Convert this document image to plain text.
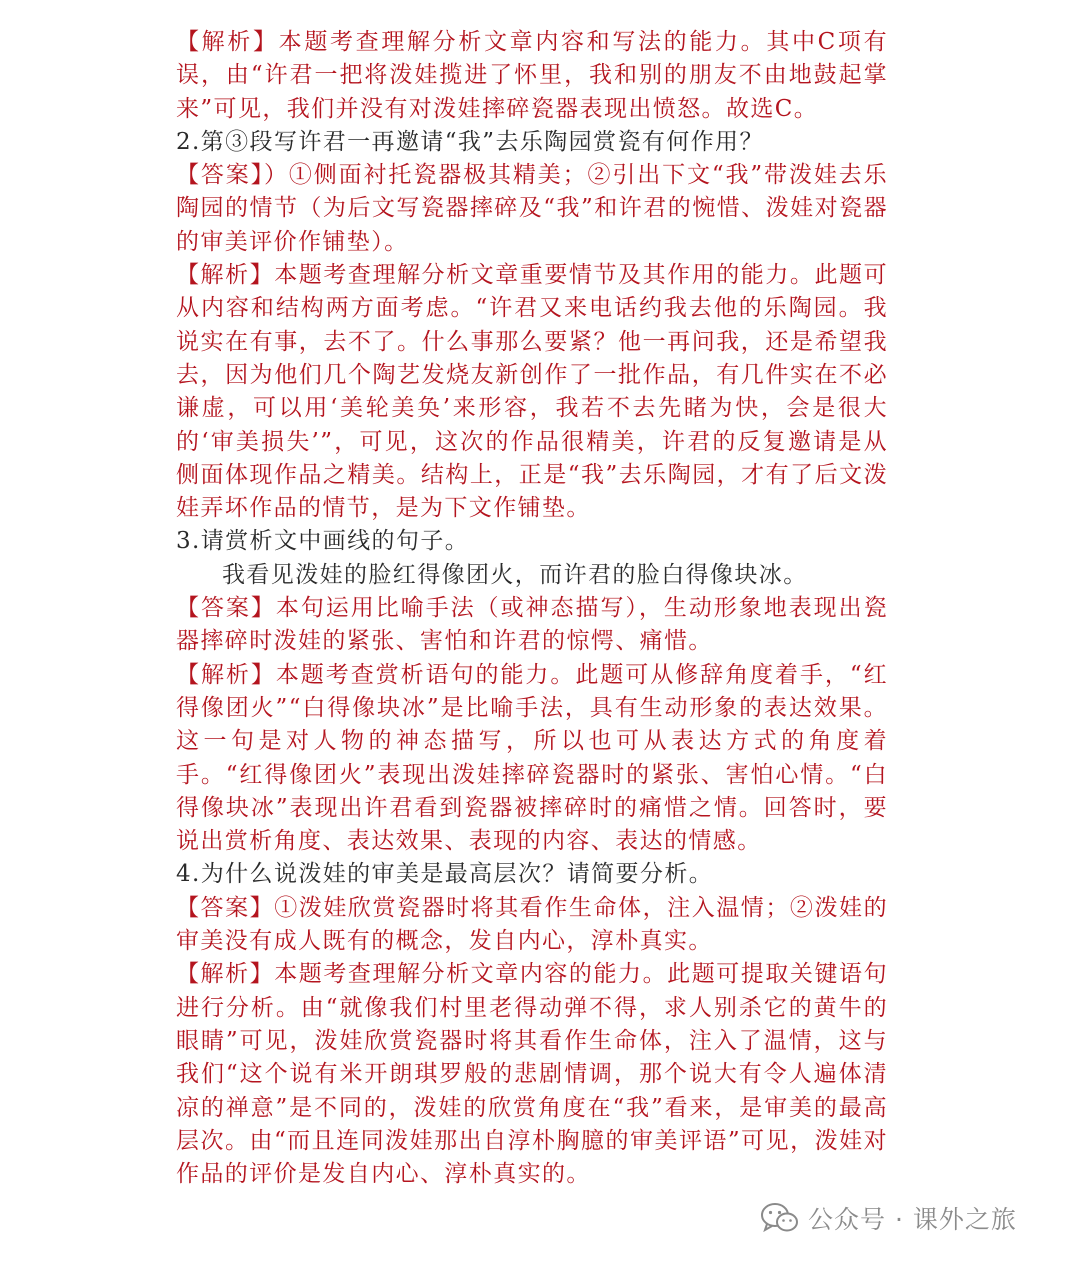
【解析】本题考查理解分析文章内容和写法的能力。其中C项有误，由“许君一把将泼娃揽进了怀里，我和别的朋友不由地鼓起掌来”可见，我们并没有对泼娃摔碎瓷器表现出愤怒。故选C。

2.第③段写许君一再邀请“我”去乐陶园赏瓷有何作用？

【答案】）①侧面衬托瓷器极其精美；②引出下文“我”带泼娃去乐陶园的情节（为后文写瓷器摔碎及“我”和许君的惋惜、泼娃对瓷器的审美评价作铺垫）。

【解析】本题考查理解分析文章重要情节及其作用的能力。此题可从内容和结构两方面考虑。“许君又来电话约我去他的乐陶园。我说实在有事，去不了。什么事那么要紧？他一再问我，还是希望我去，因为他们几个陶艺发烧友新创作了一批作品，有几件实在不必谦虚，可以用‘美轮美奂’来形容，我若不去先睹为快，会是很大的‘审美损失’”，可见，这次的作品很精美，许君的反复邀请是从侧面体现作品之精美。结构上，正是“我”去乐陶园，才有了后文泼娃弄坏作品的情节，是为下文作铺垫。

3.请赏析文中画线的句子。

我看见泼娃的脸红得像团火，而许君的脸白得像块冰。

【答案】本句运用比喻手法（或神态描写），生动形象地表现出瓷器摔碎时泼娃的紧张、害怕和许君的惊愕、痛惜。

【解析】本题考查赏析语句的能力。此题可从修辞角度着手，“红得像团火”“白得像块冰”是比喻手法，具有生动形象的表达效果。这一句是对人物的神态描写，所以也可从表达方式的角度着手。“红得像团火”表现出泼娃摔碎瓷器时的紧张、害怕心情。“白得像块冰”表现出许君看到瓷器被摔碎时的痛惜之情。回答时，要说出赏析角度、表达效果、表现的内容、表达的情感。

4.为什么说泼娃的审美是最高层次？请简要分析。

【答案】①泼娃欣赏瓷器时将其看作生命体，注入温情；②泼娃的审美没有成人既有的概念，发自内心，淳朴真实。

【解析】本题考查理解分析文章内容的能力。此题可提取关键语句进行分析。由“就像我们村里老得动弹不得，求人别杀它的黄牛的眼睛”可见，泼娃欣赏瓷器时将其看作生命体，注入了温情，这与我们“这个说有米开朗琪罗般的悲剧情调，那个说大有令人遍体清凉的禅意”是不同的，泼娃的欣赏角度在“我”看来，是审美的最高层次。由“而且连同泼娃那出自淳朴胸臆的审美评语”可见，泼娃对作品的评价是发自内心、淳朴真实的。

公众号 · 课外之旅
